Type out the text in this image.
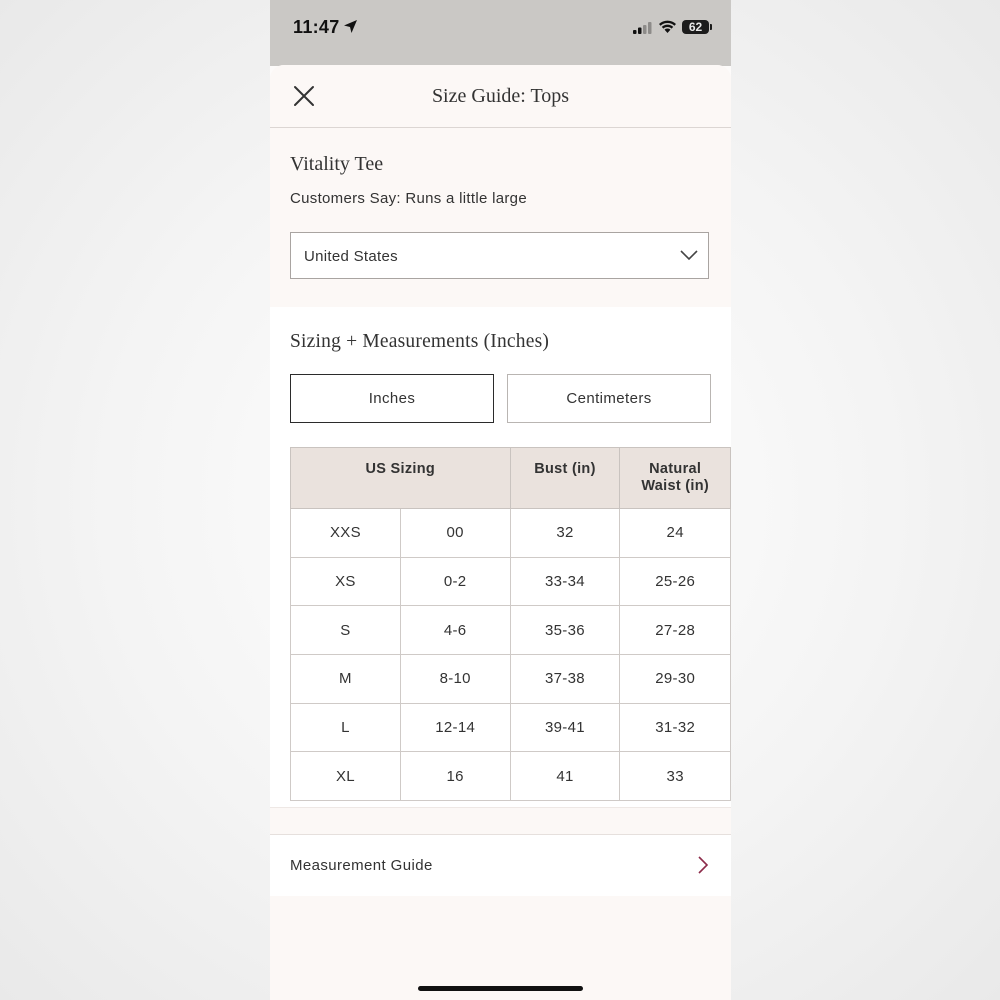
11:47	62
Size Guide: Tops
Vitality Tee
Customers Say: Runs a little large
United States
Sizing + Measurements (Inches)
Inches	Centimeters
US Sizing		Bust (in)	Natural Waist (in)

XXS	00	32	24
XS	0-2	33-34	25-26
S	4-6	35-36	27-28
M	8-10	37-38	29-30
L	12-14	39-41	31-32
XL	16	41	33
Measurement Guide
